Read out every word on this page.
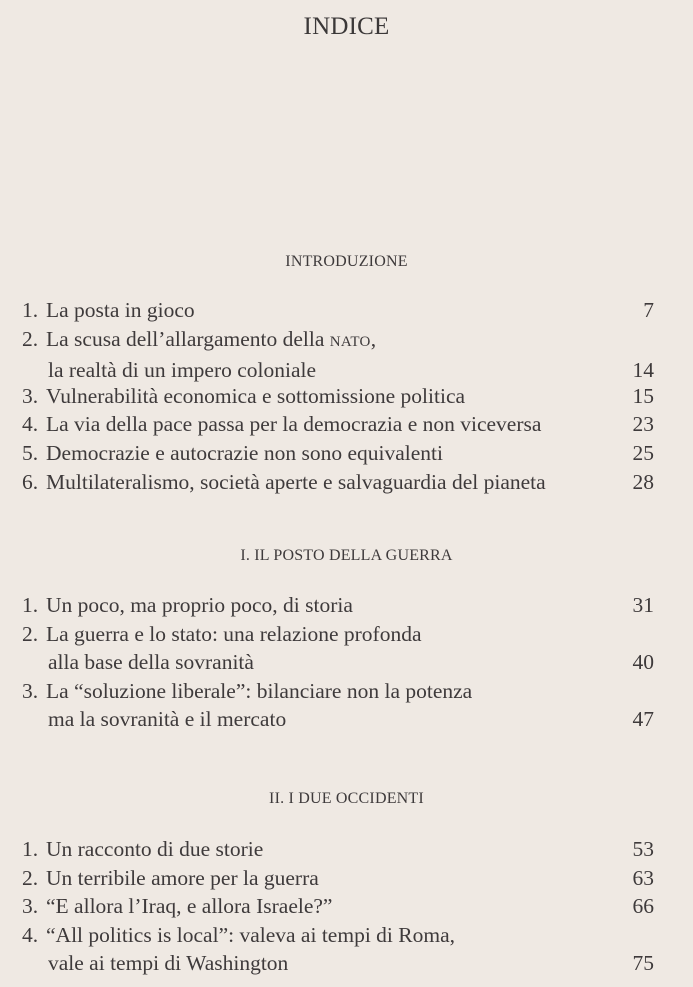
INDICE
INTRODUZIONE
1. La posta in gioco	7
2. La scusa dell’allargamento della NATO,
la realtà di un impero coloniale	14
3. Vulnerabilità economica e sottomissione politica	15
4. La via della pace passa per la democrazia e non viceversa	23
5. Democrazie e autocrazie non sono equivalenti	25
6. Multilateralismo, società aperte e salvaguardia del pianeta	28
I. IL POSTO DELLA GUERRA
1. Un poco, ma proprio poco, di storia	31
2. La guerra e lo stato: una relazione profonda
alla base della sovranità	40
3. La “soluzione liberale”: bilanciare non la potenza
ma la sovranità e il mercato	47
II. I DUE OCCIDENTI
1. Un racconto di due storie	53
2. Un terribile amore per la guerra	63
3. “E allora l’Iraq, e allora Israele?”	66
4. “All politics is local”: valeva ai tempi di Roma,
vale ai tempi di Washington	75
